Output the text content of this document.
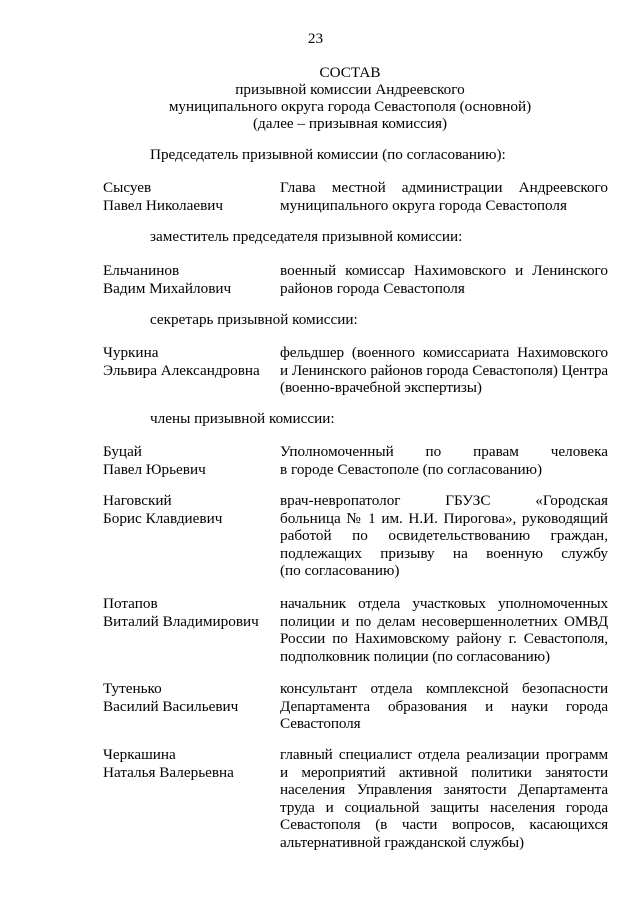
23
СОСТАВ
призывной комиссии Андреевского
муниципального округа города Севастополя (основной)
(далее – призывная комиссия)
Председатель призывной комиссии (по согласованию):
Сысуев
Павел Николаевич
Глава местной администрации Андреевского
муниципального округа города Севастополя
заместитель председателя призывной комиссии:
Ельчанинов
Вадим Михайлович
военный комиссар Нахимовского и Ленинского
районов города Севастополя
секретарь призывной комиссии:
Чуркина
Эльвира Александровна
фельдшер (военного комиссариата Нахимовского
и Ленинского районов города Севастополя) Центра
(военно-врачебной экспертизы)
члены призывной комиссии:
Буцай
Павел Юрьевич
Уполномоченный по правам человека
в городе Севастополе (по согласованию)
Наговский
Борис Клавдиевич
врач-невропатолог ГБУЗС «Городская
больница № 1 им. Н.И. Пирогова», руководящий
работой по освидетельствованию граждан,
подлежащих призыву на военную службу
(по согласованию)
Потапов
Виталий Владимирович
начальник отдела участковых уполномоченных
полиции и по делам несовершеннолетних ОМВД
России по Нахимовскому району г. Севастополя,
подполковник полиции (по согласованию)
Тутенько
Василий Васильевич
консультант отдела комплексной безопасности
Департамента образования и науки города
Севастополя
Черкашина
Наталья Валерьевна
главный специалист отдела реализации программ
и мероприятий активной политики занятости
населения Управления занятости Департамента
труда и социальной защиты населения города
Севастополя (в части вопросов, касающихся
альтернативной гражданской службы)
